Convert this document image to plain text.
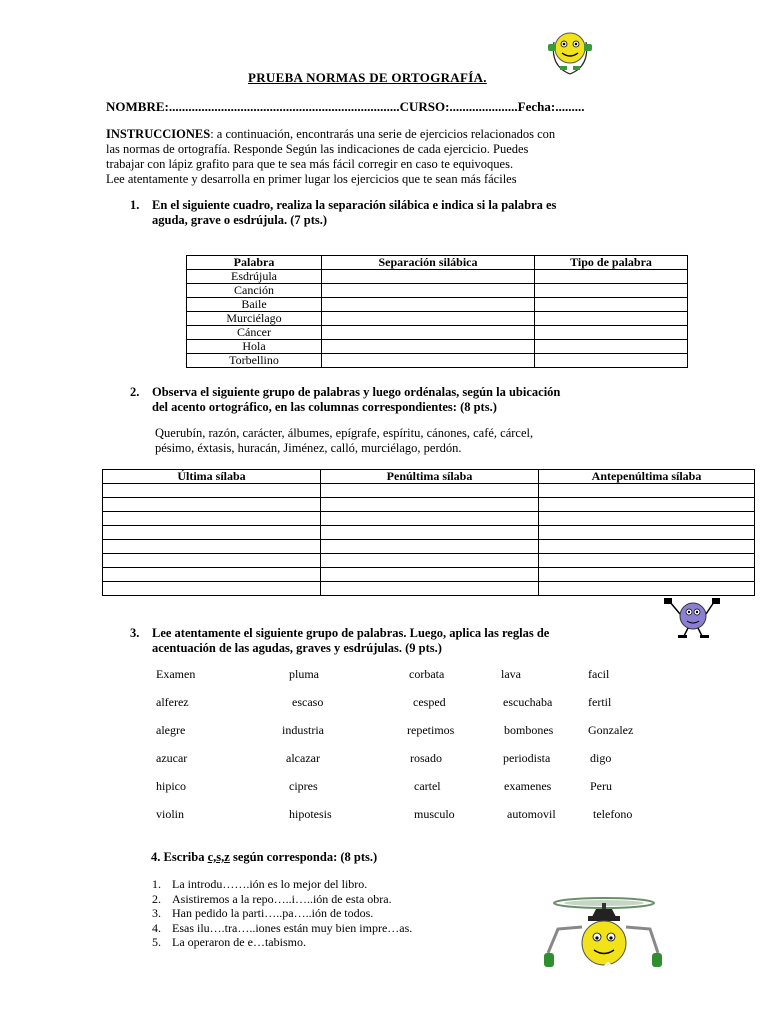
PRUEBA NORMAS DE ORTOGRAFÍA.
NOMBRE:.......................................................................CURSO:.....................Fecha:.........
INSTRUCCIONES: a continuación, encontrarás una serie de ejercicios relacionados con
las normas de ortografía. Responde Según las indicaciones de cada ejercicio. Puedes
trabajar con lápiz grafito para que te sea más fácil corregir en caso te equivoques.
Lee atentamente y desarrolla en primer lugar los ejercicios que te sean más fáciles
1. En el siguiente cuadro, realiza la separación silábica e indica si la palabra es
aguda, grave o esdrújula. (7 pts.)
Palabra	Separación silábica	Tipo de palabra
Esdrújula		
Canción		
Baile		
Murciélago		
Cáncer		
Hola		
Torbellino		
2. Observa el siguiente grupo de palabras y luego ordénalas, según la ubicación
del acento ortográfico, en las columnas correspondientes: (8 pts.)
Querubín, razón, carácter, álbumes, epígrafe, espíritu, cánones, café, cárcel,
pésimo, éxtasis, huracán, Jiménez, calló, murciélago, perdón.
Última sílaba	Penúltima sílaba	Antepenúltima sílaba

3. Lee atentamente el siguiente grupo de palabras. Luego, aplica las reglas de
acentuación de las agudas, graves y esdrújulas. (9 pts.)
Examen	pluma	corbata	lava	facil
alferez	escaso	cesped	escuchaba	fertil
alegre	industria	repetimos	bombones	Gonzalez
azucar	alcazar	rosado	periodista	digo
hipico	cipres	cartel	examenes	Peru
violin	hipotesis	musculo	automovil	telefono
4. Escriba c,s,z según corresponda: (8 pts.)
1. La introdu…….ión es lo mejor del libro.
2. Asistiremos a la repo…..i…..ión de esta obra.
3. Han pedido la parti…..pa…..ión de todos.
4. Esas ilu….tra…..iones están muy bien impre…as.
5. La operaron de e…tabismo.
